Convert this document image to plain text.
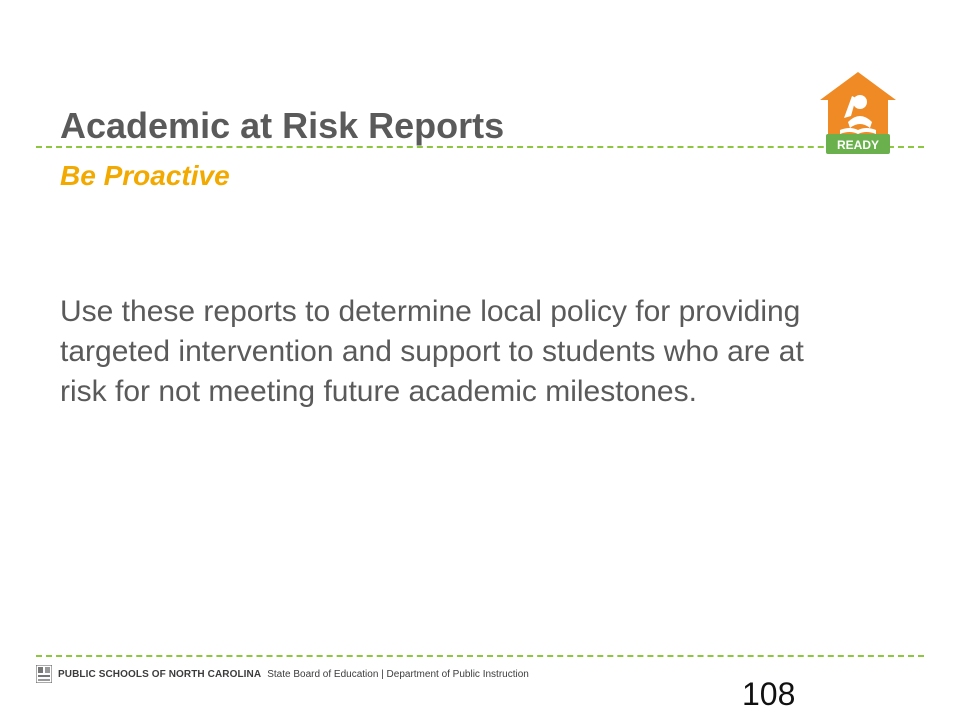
Academic at Risk Reports
Be Proactive

Use these reports to determine local policy for providing targeted intervention and support to students who are at risk for not meeting future academic milestones.

READY
PUBLIC SCHOOLS OF NORTH CAROLINA State Board of Education | Department of Public Instruction
108
